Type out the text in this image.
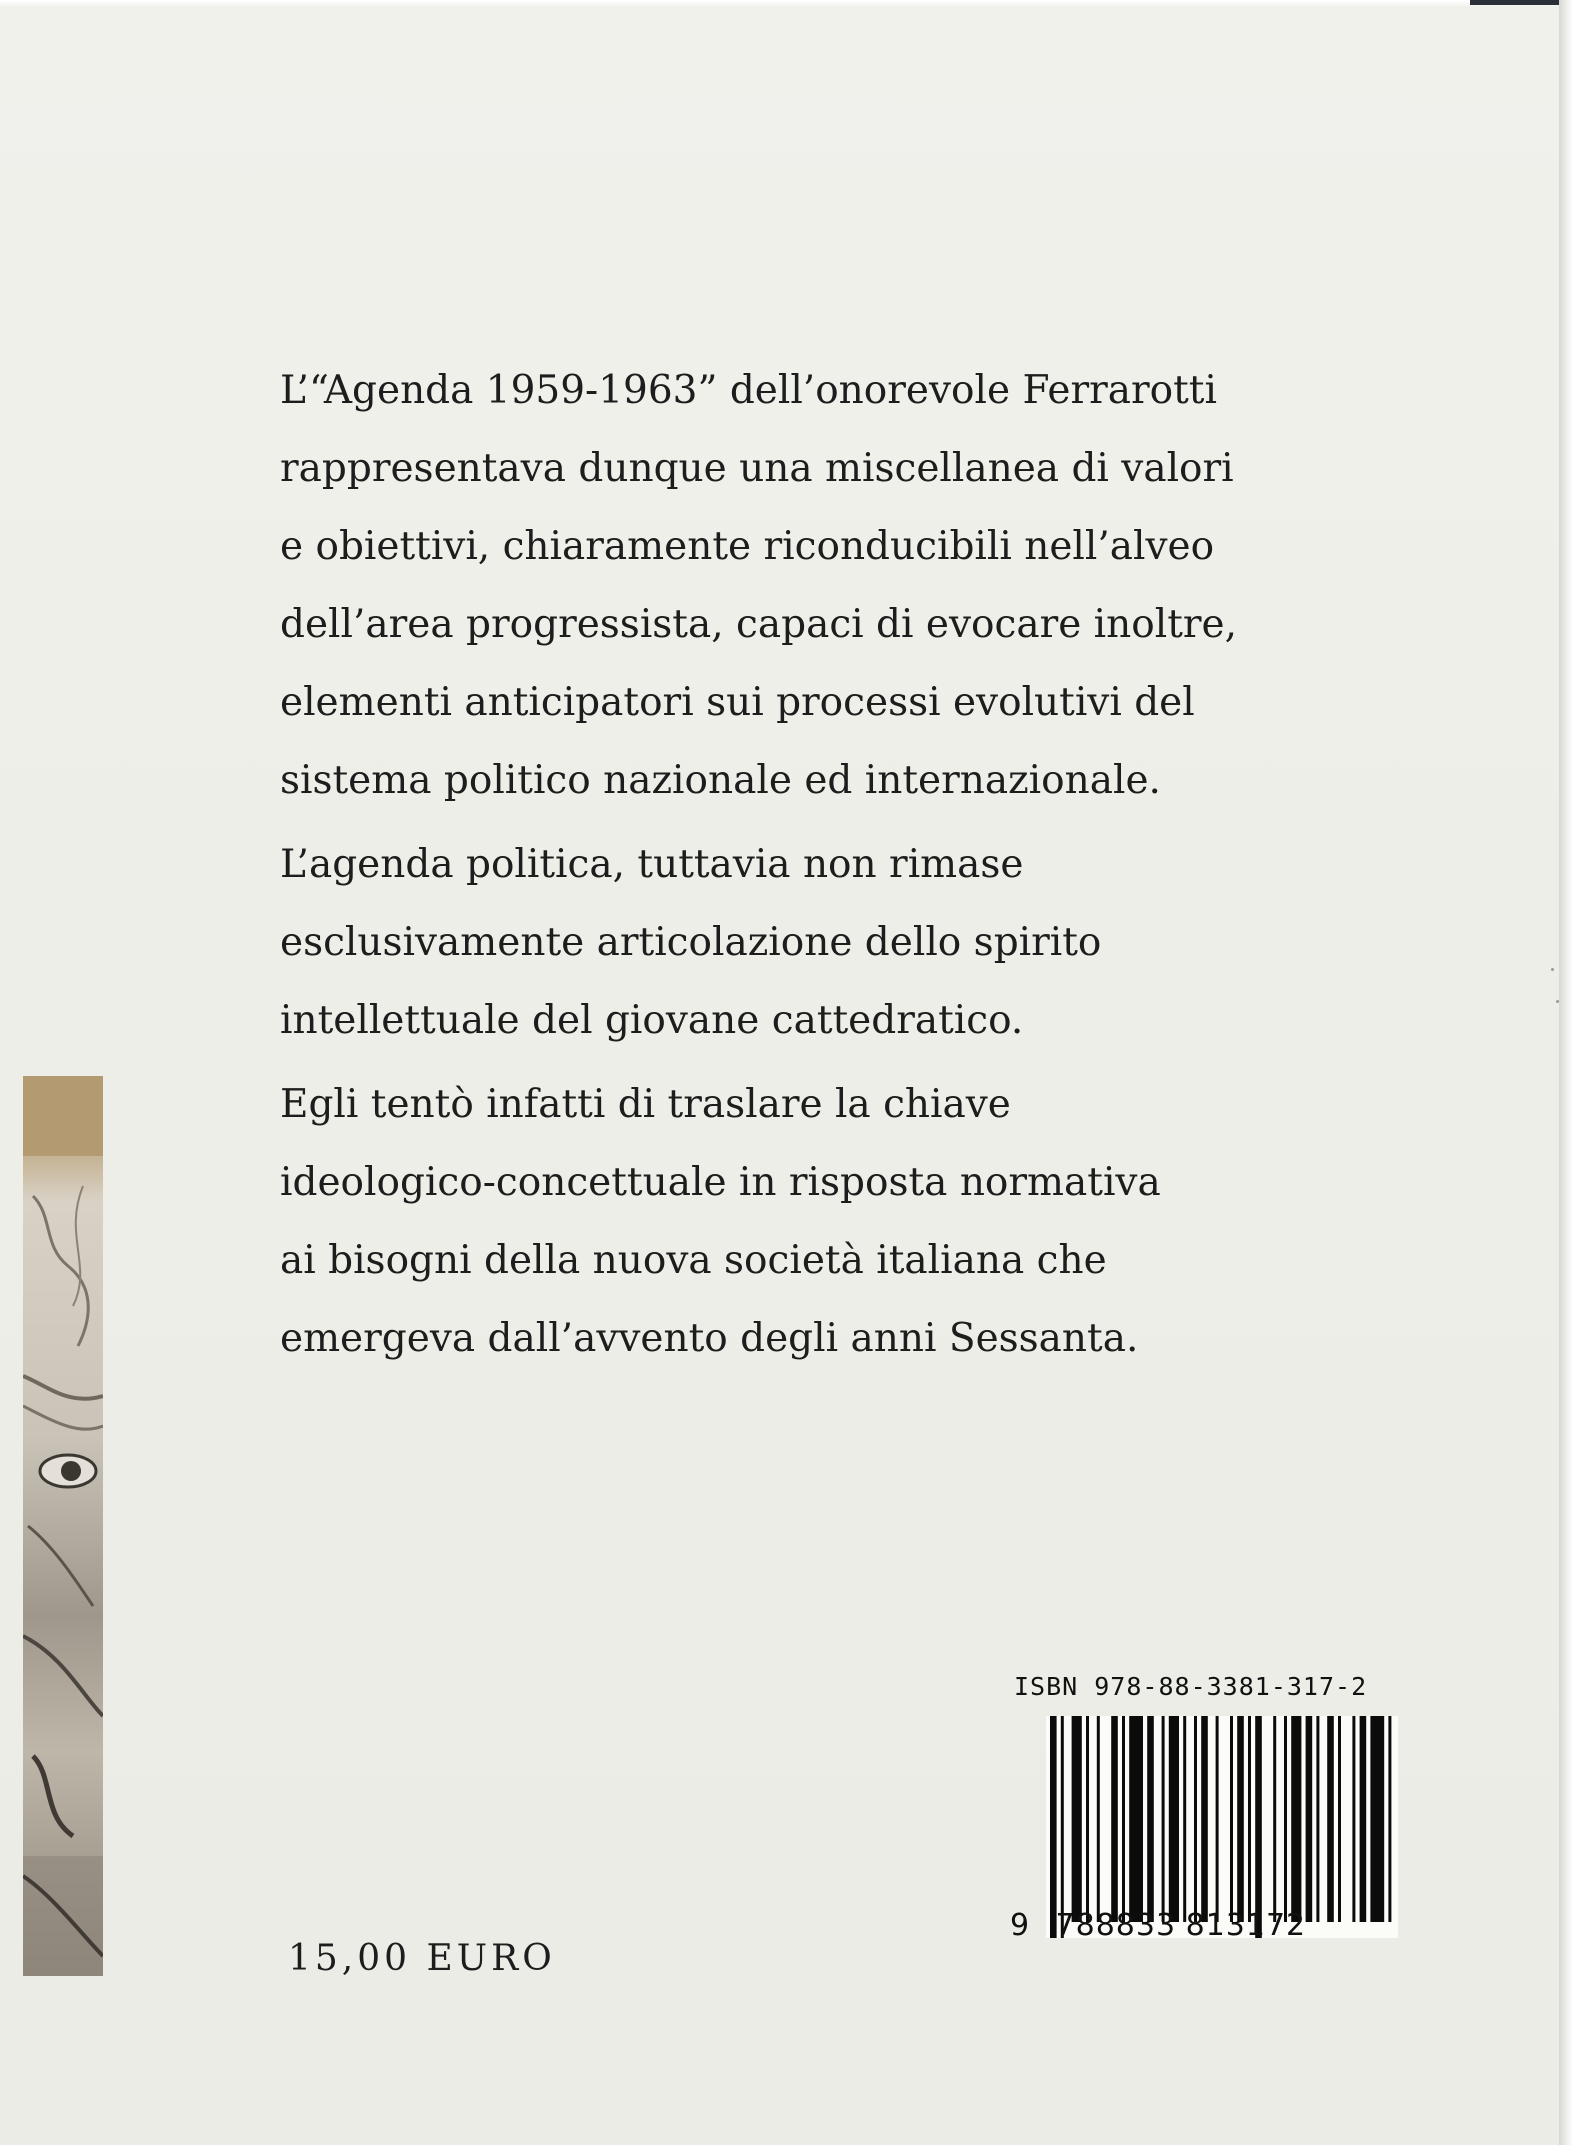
L’“Agenda 1959-1963” dell’onorevole Ferrarotti
rappresentava dunque una miscellanea di valori
e obiettivi, chiaramente riconducibili nell’alveo
dell’area progressista, capaci di evocare inoltre,
elementi anticipatori sui processi evolutivi del
sistema politico nazionale ed internazionale.

L’agenda politica, tuttavia non rimase
esclusivamente articolazione dello spirito
intellettuale del giovane cattedratico.

Egli tentò infatti di traslare la chiave
ideologico-concettuale in risposta normativa
ai bisogni della nuova società italiana che
emergeva dall’avvento degli anni Sessanta.

15,00 EURO
ISBN 978-88-3381-317-2
9 788833 813172
